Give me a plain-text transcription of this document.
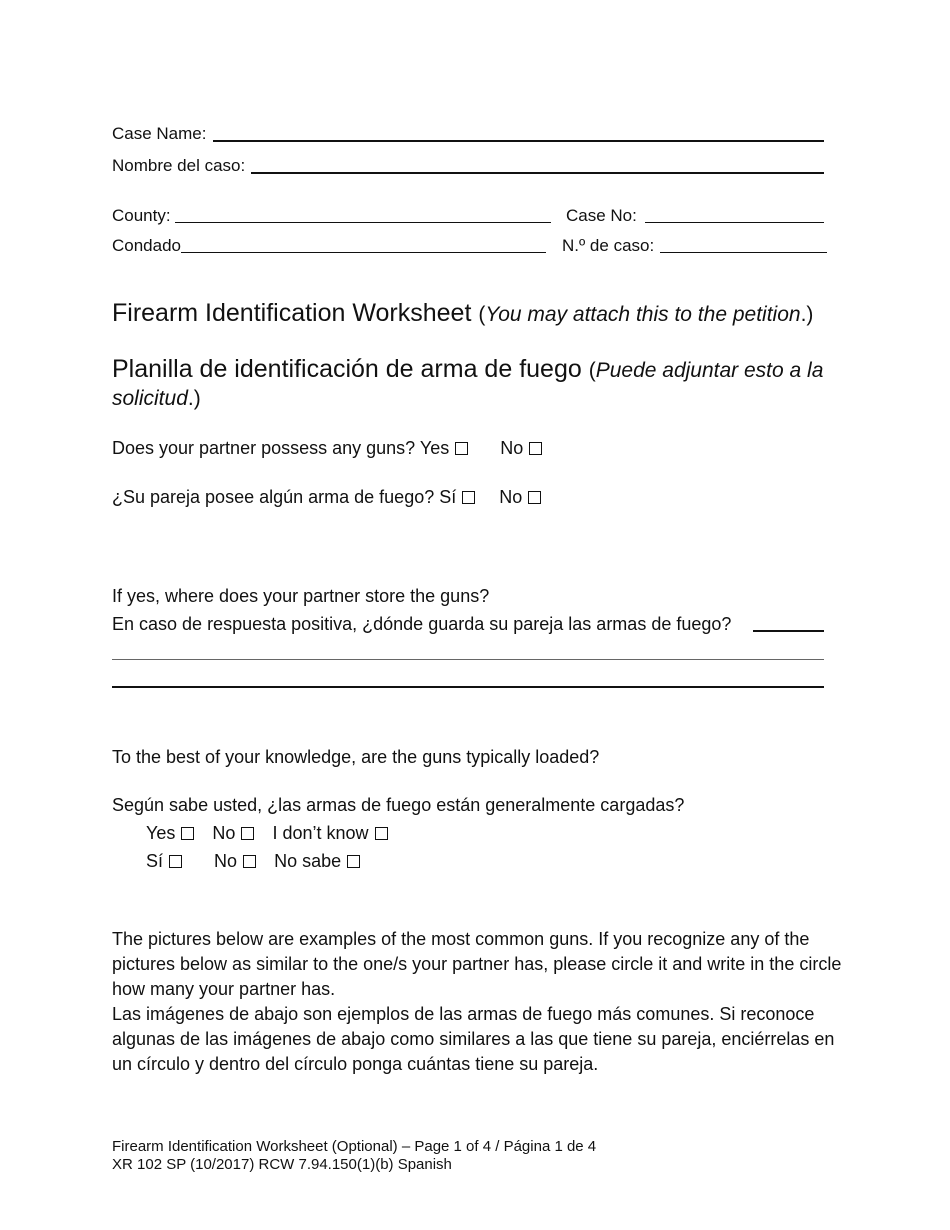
Case Name:
Nombre del caso:
County:	Case No:
Condado	N.º de caso:
Firearm Identification Worksheet (You may attach this to the petition.)
Planilla de identificación de arma de fuego (Puede adjuntar esto a la solicitud.)
Does your partner possess any guns? Yes	No
¿Su pareja posee algún arma de fuego? Sí No
If yes, where does your partner store the guns?
En caso de respuesta positiva, ¿dónde guarda su pareja las armas de fuego?
To the best of your knowledge, are the guns typically loaded?
Según sabe usted, ¿las armas de fuego están generalmente cargadas?
Yes No I don’t know
Sí	No No sabe
The pictures below are examples of the most common guns. If you recognize any of the pictures below as similar to the one/s your partner has, please circle it and write in the circle how many your partner has.
Las imágenes de abajo son ejemplos de las armas de fuego más comunes. Si reconoce algunas de las imágenes de abajo como similares a las que tiene su pareja, enciérrelas en un círculo y dentro del círculo ponga cuántas tiene su pareja.
Firearm Identification Worksheet (Optional) – Page 1 of 4 / Página 1 de 4
XR 102 SP (10/2017) RCW 7.94.150(1)(b) Spanish
